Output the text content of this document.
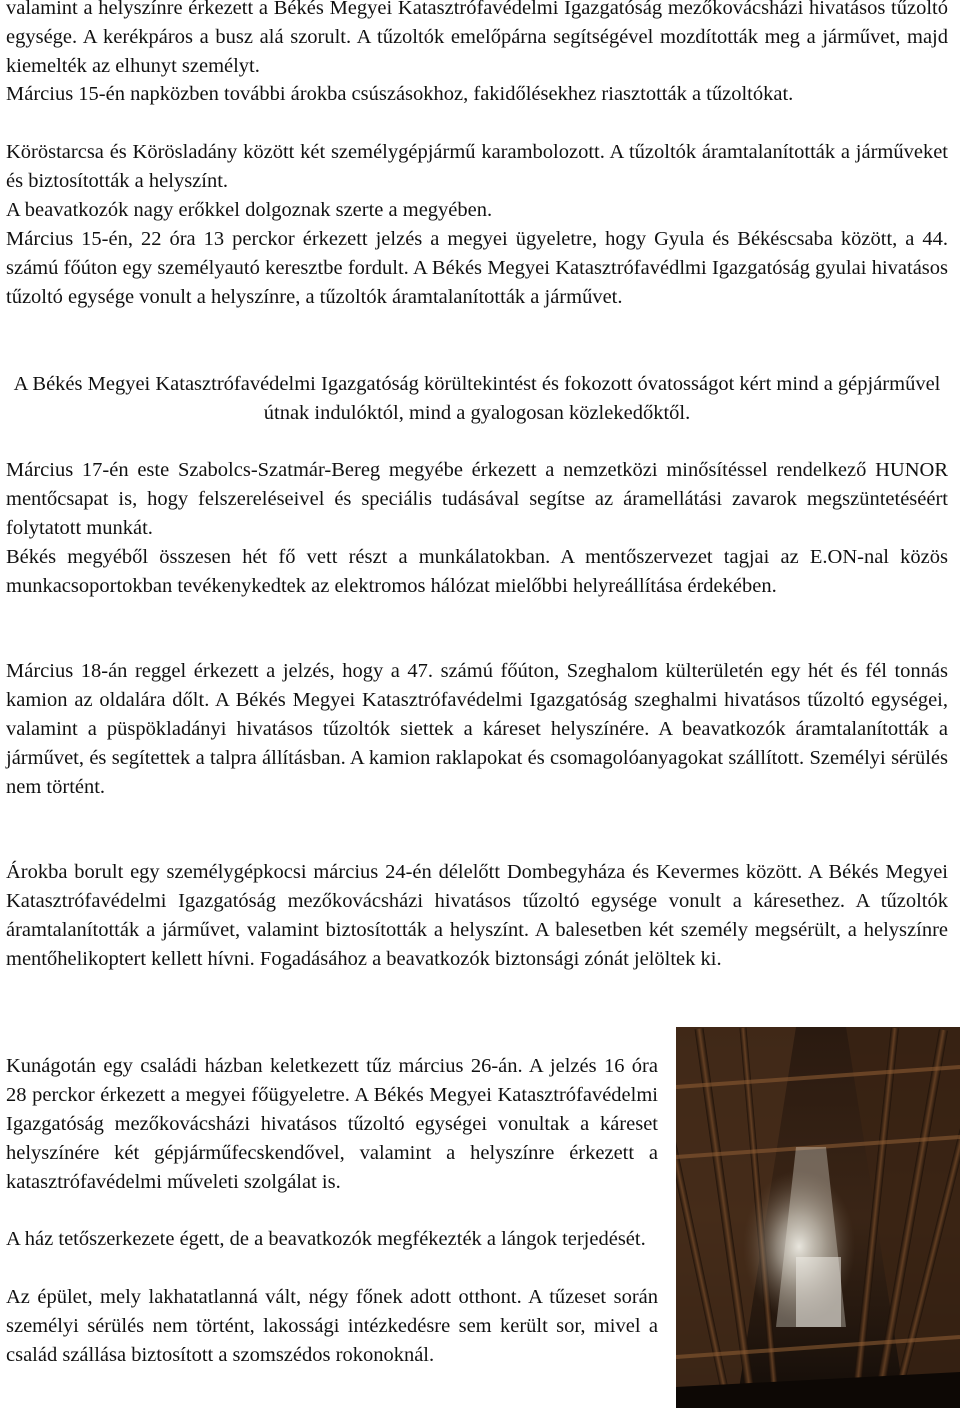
valamint a helyszínre érkezett a Békés Megyei Katasztrófavédelmi Igazgatóság mezőkovácsházi hivatásos tűzoltó egysége. A kerékpáros a busz alá szorult. A tűzoltók emelőpárna segítségével mozdították meg a járművet, majd kiemelték az elhunyt személyt.

Március 15-én napközben további árokba csúszásokhoz, fakidőlésekhez riasztották a tűzoltókat.

Köröstarcsa és Körösladány között két személygépjármű karambolozott. A tűzoltók áramtalanították a járműveket és biztosították a helyszínt.

A beavatkozók nagy erőkkel dolgoznak szerte a megyében.

Március 15-én, 22 óra 13 perckor érkezett jelzés a megyei ügyeletre, hogy Gyula és Békéscsaba között, a 44. számú főúton egy személyautó keresztbe fordult. A Békés Megyei Katasztrófavédlmi Igazgatóság gyulai hivatásos tűzoltó egysége vonult a helyszínre, a tűzoltók áramtalanították a járművet.

A Békés Megyei Katasztrófavédelmi Igazgatóság körültekintést és fokozott óvatosságot kért mind a gépjárművel útnak indulóktól, mind a gyalogosan közlekedőktől.

Március 17-én este Szabolcs-Szatmár-Bereg megyébe érkezett a nemzetközi minősítéssel rendelkező HUNOR mentőcsapat is, hogy felszereléseivel és speciális tudásával segítse az áramellátási zavarok megszüntetéséért folytatott munkát.

Békés megyéből összesen hét fő vett részt a munkálatokban. A mentőszervezet tagjai az E.ON-nal közös munkacsoportokban tevékenykedtek az elektromos hálózat mielőbbi helyreállítása érdekében.

Március 18-án reggel érkezett a jelzés, hogy a 47. számú főúton, Szeghalom külterületén egy hét és fél tonnás kamion az oldalára dőlt. A Békés Megyei Katasztrófavédelmi Igazgatóság szeghalmi hivatásos tűzoltó egységei, valamint a püspökladányi hivatásos tűzoltók siettek a káreset helyszínére. A beavatkozók áramtalanították a járművet, és segítettek a talpra állításban. A kamion raklapokat és csomagolóanyagokat szállított. Személyi sérülés nem történt.

Árokba borult egy személygépkocsi március 24-én délelőtt Dombegyháza és Kevermes között. A Békés Megyei Katasztrófavédelmi Igazgatóság mezőkovácsházi hivatásos tűzoltó egysége vonult a káresethez. A tűzoltók áramtalanították a járművet, valamint biztosították a helyszínt. A balesetben két személy megsérült, a helyszínre mentőhelikoptert kellett hívni. Fogadásához a beavatkozók biztonsági zónát jelöltek ki.

Kunágotán egy családi házban keletkezett tűz március 26-án. A jelzés 16 óra 28 perckor érkezett a megyei főügyeletre. A Békés Megyei Katasztrófavédelmi Igazgatóság mezőkovácsházi hivatásos tűzoltó egységei vonultak a káreset helyszínére két gépjárműfecskendővel, valamint a helyszínre érkezett a katasztrófavédelmi műveleti szolgálat is.

A ház tetőszerkezete égett, de a beavatkozók megfékezték a lángok terjedését.

Az épület, mely lakhatatlanná vált, négy főnek adott otthont. A tűzeset során személyi sérülés nem történt, lakossági intézkedésre sem került sor, mivel a család szállása biztosított a szomszédos rokonoknál.
